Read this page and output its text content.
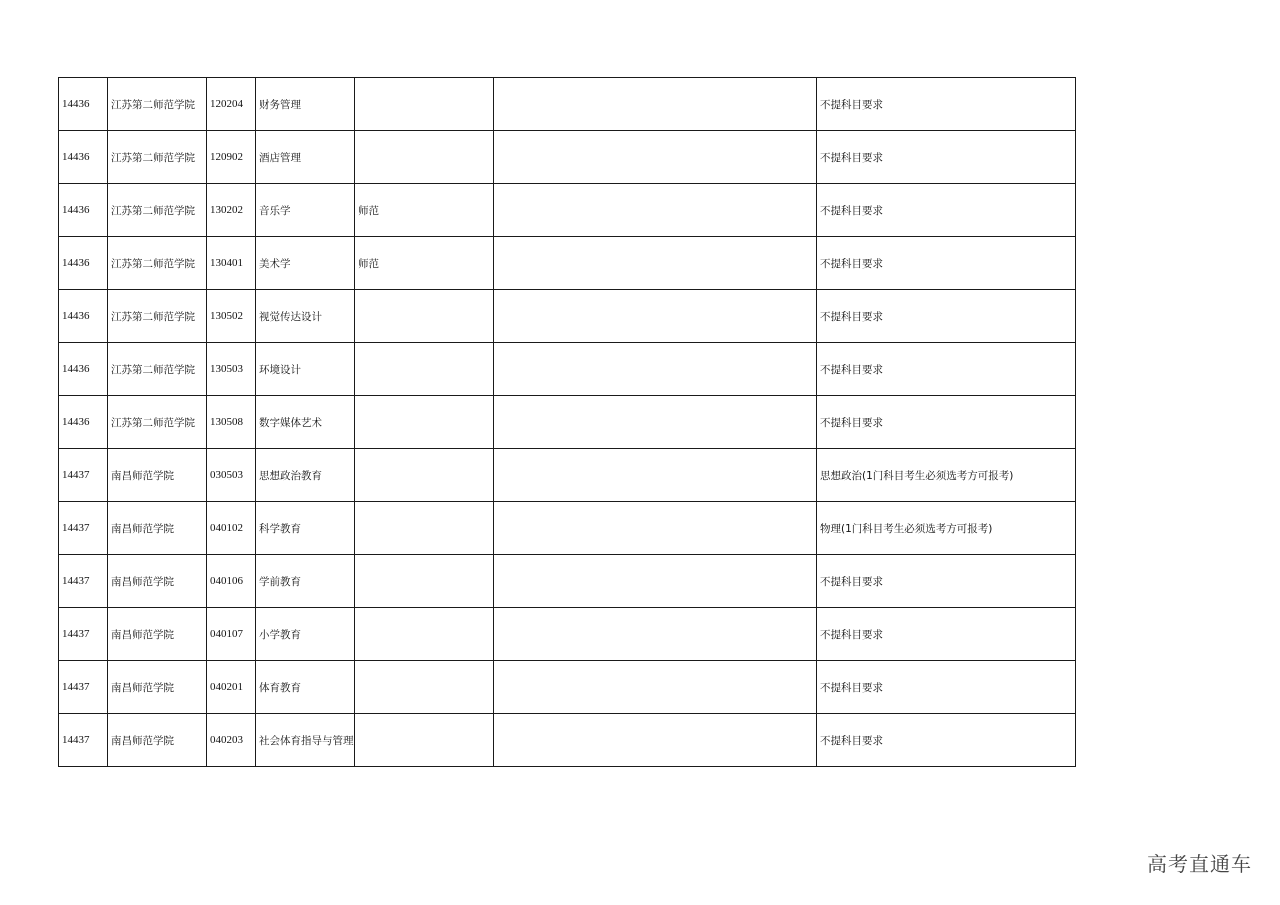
14436	江苏第二师范学院	120204	财务管理			不提科目要求
14436	江苏第二师范学院	120902	酒店管理			不提科目要求
14436	江苏第二师范学院	130202	音乐学	师范		不提科目要求
14436	江苏第二师范学院	130401	美术学	师范		不提科目要求
14436	江苏第二师范学院	130502	视觉传达设计			不提科目要求
14436	江苏第二师范学院	130503	环境设计			不提科目要求
14436	江苏第二师范学院	130508	数字媒体艺术			不提科目要求
14437	南昌师范学院	030503	思想政治教育			思想政治(1门科目考生必须选考方可报考)
14437	南昌师范学院	040102	科学教育			物理(1门科目考生必须选考方可报考)
14437	南昌师范学院	040106	学前教育			不提科目要求
14437	南昌师范学院	040107	小学教育			不提科目要求
14437	南昌师范学院	040201	体育教育			不提科目要求
14437	南昌师范学院	040203	社会体育指导与管理			不提科目要求
高考直通车
